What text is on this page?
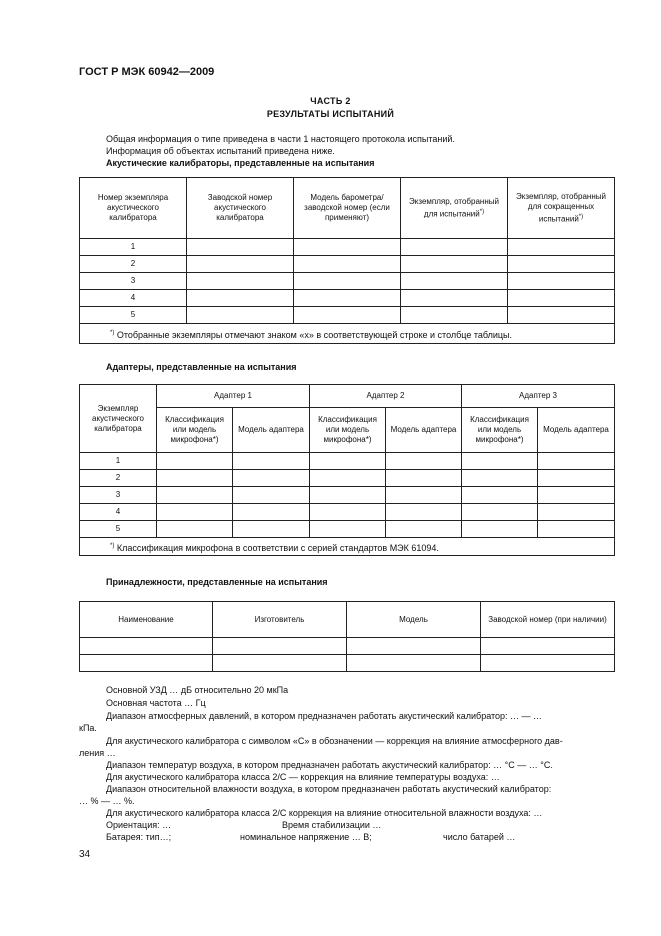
ГОСТ Р МЭК 60942—2009
ЧАСТЬ 2
РЕЗУЛЬТАТЫ ИСПЫТАНИЙ
Общая информация о типе приведена в части 1 настоящего протокола испытаний.
Информация об объектах испытаний приведена ниже.
Акустические калибраторы, представленные на испытания
Номер экземпляра акустического калибратора	Заводской номер акустического калибратора	Модель барометра/заводской номер (если применяют)	Экземпляр, отобранный для испытаний*)	Экземпляр, отобранный для сокращенных испытаний*)
1				
2				
3				
4				
5				
*) Отобранные экземпляры отмечают знаком «x» в соответствующей строке и столбце таблицы.				
Адаптеры, представленные на испытания
Экземпляр акустического калибратора	Адаптер 1		Адаптер 2		Адаптер 3	
	Классификация или модель микрофона*)	Модель адаптера	Классификация или модель микрофона*)	Модель адаптера	Классификация или модель микрофона*)	Модель адаптера
1						
2						
3						
4						
5						
*) Классификация микрофона в соответствии с серией стандартов МЭК 61094.						
Принадлежности, представленные на испытания
Наименование	Изготовитель	Модель	Заводской номер (при наличии)

Основной УЗД … дБ относительно 20 мкПа
Основная частота … Гц
Диапазон атмосферных давлений, в котором предназначен работать акустический калибратор: … — …
кПа.
Для акустического калибратора с символом «С» в обозначении — коррекция на влияние атмосферного дав-
ления …
Диапазон температур воздуха, в котором предназначен работать акустический калибратор: … °С — … °С.
Для акустического калибратора класса 2/С — коррекция на влияние температуры воздуха: …
Диапазон относительной влажности воздуха, в котором предназначен работать акустический калибратор:
… % — … %.
Для акустического калибратора класса 2/С коррекция на влияние относительной влажности воздуха: …
Ориентация: …	Время стабилизации …
Батарея: тип…;	номинальное напряжение … В;	число батарей …
34
